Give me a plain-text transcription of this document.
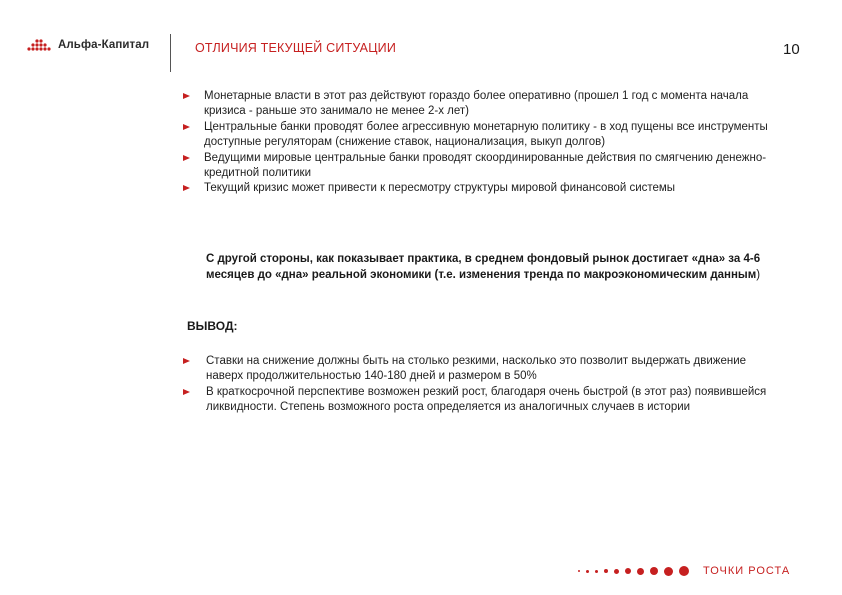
Альфа-Капитал	ОТЛИЧИЯ ТЕКУЩЕЙ СИТУАЦИИ	10
Монетарные власти в этот раз действуют гораздо более оперативно (прошел 1 год с момента начала кризиса - раньше это занимало не менее 2-х лет)
Центральные банки проводят более агрессивную монетарную политику - в ход пущены все инструменты доступные регуляторам (снижение ставок, национализация, выкуп долгов)
Ведущими мировые центральные банки проводят скоординированные действия по смягчению денежно-кредитной политики
Текущий кризис может привести к пересмотру структуры мировой финансовой системы
С другой стороны, как показывает практика, в среднем фондовый рынок достигает «дна» за 4-6 месяцев до «дна» реальной экономики (т.е. изменения тренда по макроэкономическим данным)
ВЫВОД:
Ставки на снижение должны быть на столько резкими, насколько это позволит выдержать движение наверх продолжительностью 140-180 дней и размером в 50%
В краткосрочной перспективе возможен резкий рост, благодаря очень быстрой (в этот раз) появившейся ликвидности. Степень возможного роста определяется из аналогичных случаев в истории
ТОЧКИ РОСТА
